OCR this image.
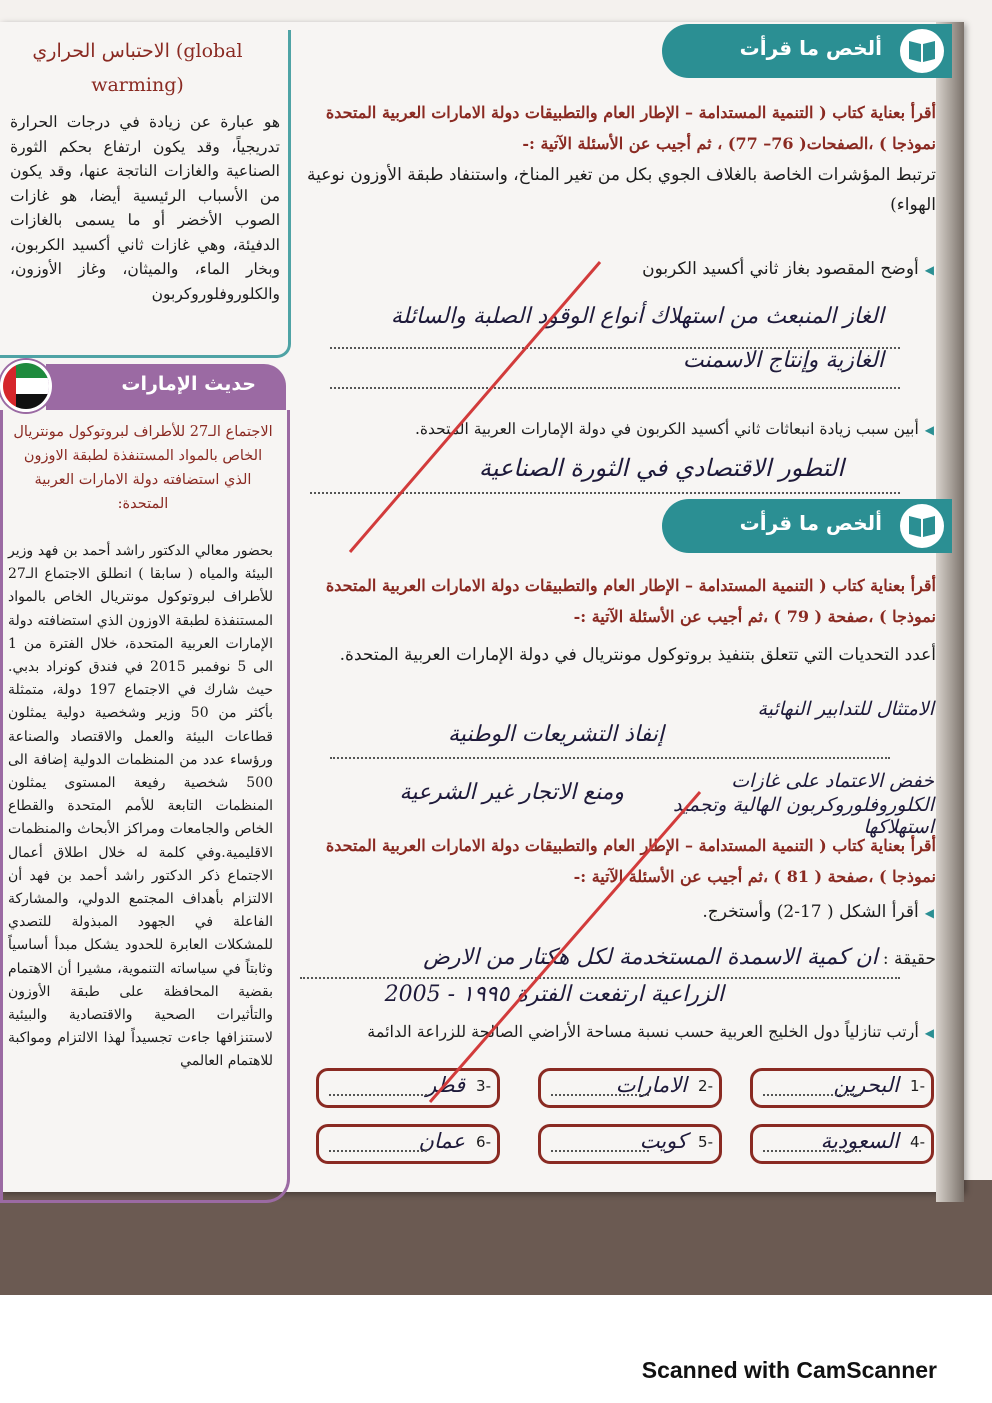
الاحتباس الحراري (global warming)
هو عبارة عن زيادة في درجات الحرارة تدريجياً، وقد يكون ارتفاع بحكم الثورة الصناعية والغازات الناتجة عنها، وقد يكون من الأسباب الرئيسية أيضا، هو غازات الصوب الأخضر أو ما يسمى بالغازات الدفيئة، وهي غازات ثاني أكسيد الكربون، وبخار الماء، والميثان، وغاز الأوزون، والكلوروفلوروكربون
حديث الإمارات
الاجتماع الـ27 للأطراف لبروتوكول مونتريال الخاص بالمواد المستنفذة لطبقة الاوزون الذي استضافته دولة الامارات العربية المتحدة:
بحضور معالي الدكتور راشد أحمد بن فهد وزير البيئة والمياه ( سابقا ) انطلق الاجتماع الـ27 للأطراف لبروتوكول مونتريال الخاص بالمواد المستنفذة لطبقة الاوزون الذي استضافته دولة الإمارات العربية المتحدة، خلال الفترة من 1 الى 5 نوفمبر 2015 في فندق كونراد بدبي. حيث شارك في الاجتماع 197 دولة، متمثلة بأكثر من 50 وزير وشخصية دولية يمثلون قطاعات البيئة والعمل والاقتصاد والصناعة ورؤساء عدد من المنظمات الدولية إضافة الى 500 شخصية رفيعة المستوى يمثلون المنظمات التابعة للأمم المتحدة والقطاع الخاص والجامعات ومراكز الأبحاث والمنظمات الاقليمية.وفي كلمة له خلال اطلاق أعمال الاجتماع ذكر الدكتور راشد أحمد بن فهد أن الالتزام بأهداف المجتمع الدولي، والمشاركة الفاعلة في الجهود المبذولة للتصدي للمشكلات العابرة للحدود يشكل مبدأ أساسياً وثابتاً في سياساته التنموية، مشيرا أن الاهتمام بقضية المحافظة على طبقة الأوزون والتأثيرات الصحية والاقتصادية والبيئية لاستنزافها جاءت تجسيداً لهذا الالتزام ومواكبة للاهتمام العالمي
ألخص ما قرأت
أقرأ بعناية كتاب ( التنمية المستدامة – الإطار العام والتطبيقات دولة الامارات العربية المتحدة نموذجا ) ،الصفحات( 76– 77) ، ثم أجيب عن الأسئلة الآتية :-
ترتبط المؤشرات الخاصة بالغلاف الجوي بكل من تغير المناخ، واستنفاد طبقة الأوزون نوعية الهواء)
◀أوضح المقصود بغاز ثاني أكسيد الكربون
الغاز المنبعث من استهلاك أنواع الوقود الصلبة والسائلة
الغازية وإنتاج الاسمنت
◀أبين سبب زيادة انبعاثات ثاني أكسيد الكربون في دولة الإمارات العربية المتحدة.
التطور الاقتصادي في الثورة الصناعية
ألخص ما قرأت
أقرأ بعناية كتاب ( التنمية المستدامة – الإطار العام والتطبيقات دولة الامارات العربية المتحدة نموذجا ) ،صفحة ( 79 ) ،ثم أجيب عن الأسئلة الآتية :-
أعدد التحديات التي تتعلق بتنفيذ بروتوكول مونتريال في دولة الإمارات العربية المتحدة.
الامتثال للتدابير النهائية
إنفاذ التشريعات الوطنية
خفض الاعتماد على غازات
ومنع الاتجار غير الشرعية	الكلوروفلوروكربون الهالية وتجميد استهلاكها
أقرأ بعناية كتاب ( التنمية المستدامة – الإطار العام والتطبيقات دولة الامارات العربية المتحدة نموذجا ) ،صفحة ( 81 ) ،ثم أجيب عن الأسئلة الآتية :-
◀أقرأ الشكل ( 17-2) وأستخرج.
حقيقة : ان كمية الاسمدة المستخدمة لكل هكتار من الارض
الزراعية ارتفعت الفترة ١٩٩٥ - 2005
◀أرتب تنازلياً دول الخليج العربية حسب نسبة مساحة الأراضي الصالحة للزراعة الدائمة
1-
البحرين
2-
الامارات
3-
قطر
4-
السعودية
5-
كويت
6-
عمان
Scanned with CamScanner
